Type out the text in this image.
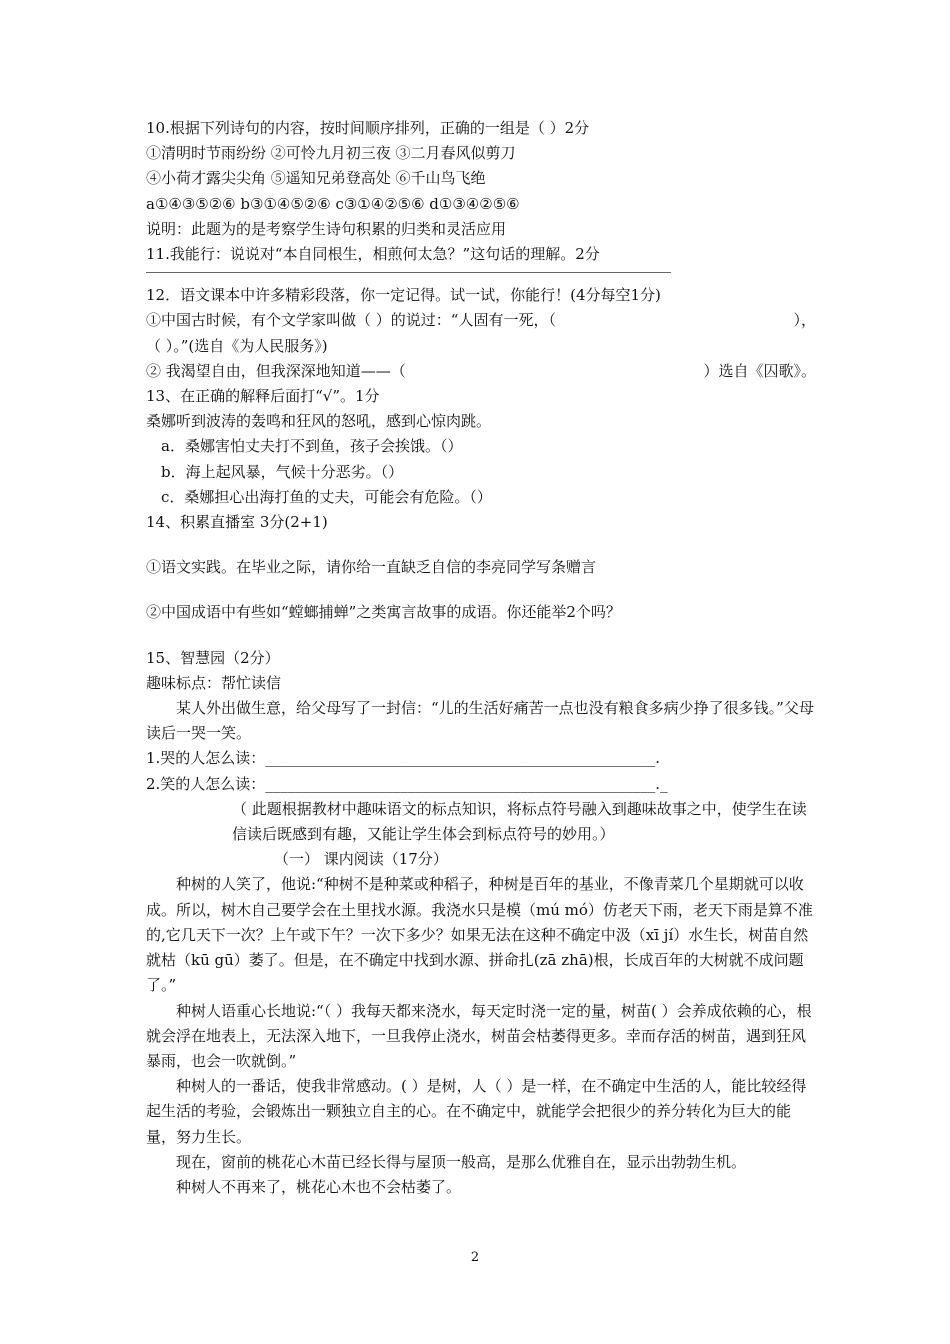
10.根据下列诗句的内容，按时间顺序排列，正确的一组是（ ）2分
①清明时节雨纷纷 ②可怜九月初三夜 ③二月春风似剪刀
④小荷才露尖尖角 ⑤遥知兄弟登高处 ⑥千山鸟飞绝
a①④③⑤②⑥ b③①④⑤②⑥ c③①④②⑤⑥ d①③④②⑤⑥
说明：此题为的是考察学生诗句积累的归类和灵活应用
11.我能行：说说对“本自同根生，相煎何太急？”这句话的理解。2分
12．语文课本中许多精彩段落，你一定记得。试一试，你能行！(4分每空1分)
①中国古时候，有个文学家叫做（ ）的说过：“人固有一死，（	），
（ ）。”(选自《为人民服务》)
② 我渴望自由，但我深深地知道——（	）选自《囚歌》。
13、在正确的解释后面打“√”。1分
桑娜听到波涛的轰鸣和狂风的怒吼，感到心惊肉跳。
a．桑娜害怕丈夫打不到鱼，孩子会挨饿。（）
b．海上起风暴，气候十分恶劣。（）
c．桑娜担心出海打鱼的丈夫，可能会有危险。（）
14、积累直播室 3分(2+1)
①语文实践。在毕业之际，请你给一直缺乏自信的李亮同学写条赠言
②中国成语中有些如“螳螂捕蝉”之类寓言故事的成语。你还能举2个吗？
15、智慧园（2分）
趣味标点：帮忙读信
某人外出做生意，给父母写了一封信：“儿的生活好痛苦一点也没有粮食多病少挣了很多钱。”父母读后一哭一笑。
1.哭的人怎么读：____________________________________________________.
2.笑的人怎么读：____________________________________________________._
（ 此题根据教材中趣味语文的标点知识，将标点符号融入到趣味故事之中，使学生在读信读后既感到有趣，又能让学生体会到标点符号的妙用。）
（一） 课内阅读（17分）
种树的人笑了，他说:“种树不是种菜或种稻子，种树是百年的基业，不像青菜几个星期就可以收成。所以，树木自己要学会在土里找水源。我浇水只是模（mú mó）仿老天下雨，老天下雨是算不准的,它几天下一次？上午或下午？一次下多少？如果无法在这种不确定中汲（xī jí）水生长，树苗自然就枯（kū gū）萎了。但是，在不确定中找到水源、拼命扎(zā zhā)根，长成百年的大树就不成问题了。”
种树人语重心长地说:“（ ）我每天都来浇水，每天定时浇一定的量，树苗( ）会养成依赖的心，根就会浮在地表上，无法深入地下，一旦我停止浇水，树苗会枯萎得更多。幸而存活的树苗，遇到狂风暴雨，也会一吹就倒。”
种树人的一番话，使我非常感动。( ）是树，人（ ）是一样，在不确定中生活的人，能比较经得起生活的考验，会锻炼出一颗独立自主的心。在不确定中，就能学会把很少的养分转化为巨大的能量，努力生长。
现在，窗前的桃花心木苗已经长得与屋顶一般高，是那么优雅自在，显示出勃勃生机。
种树人不再来了，桃花心木也不会枯萎了。
2
